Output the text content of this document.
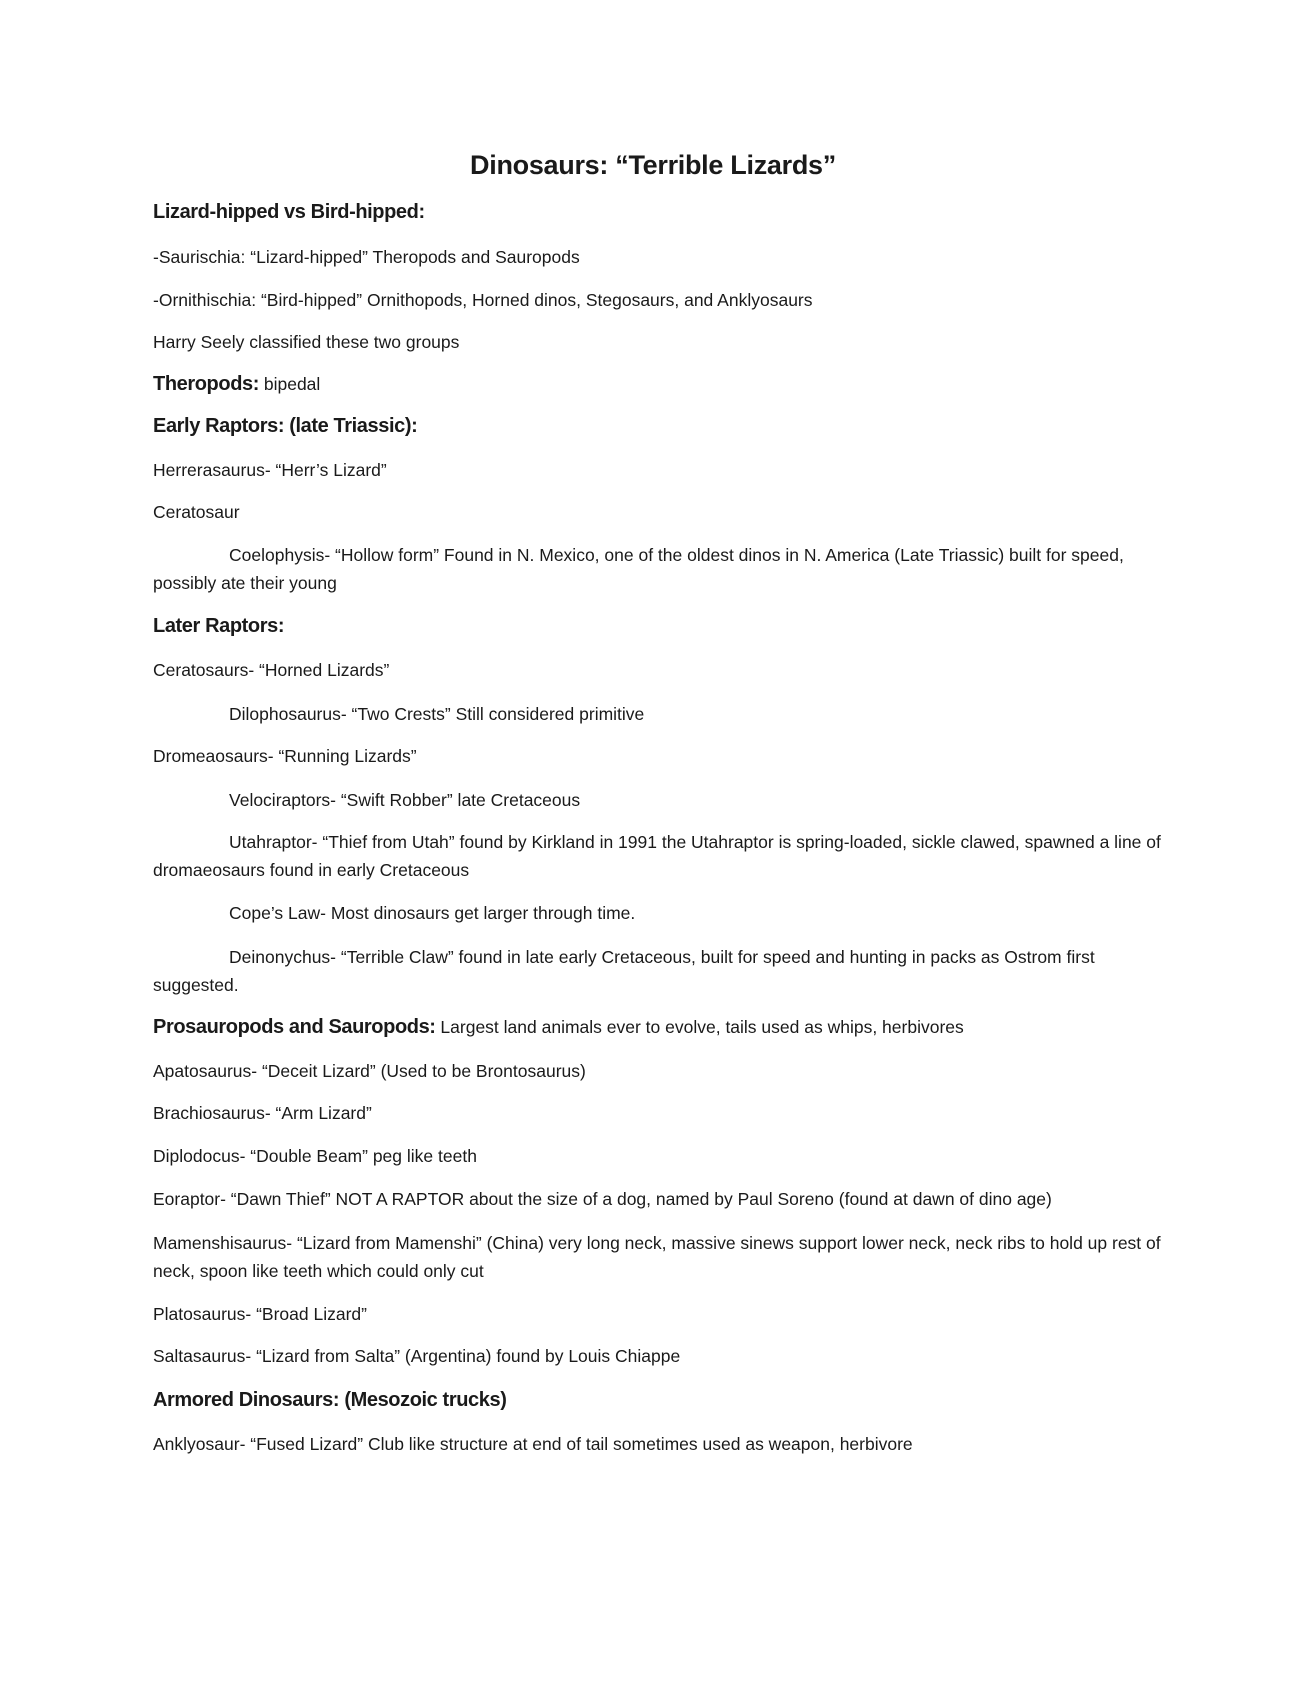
Dinosaurs: “Terrible Lizards”
Lizard-hipped vs Bird-hipped:
-Saurischia: “Lizard-hipped” Theropods and Sauropods
-Ornithischia: “Bird-hipped” Ornithopods, Horned dinos, Stegosaurs, and Anklyosaurs
Harry Seely classified these two groups
Theropods: bipedal
Early Raptors: (late Triassic):
Herrerasaurus- “Herr’s Lizard”
Ceratosaur
Coelophysis- “Hollow form” Found in N. Mexico, one of the oldest dinos in N. America (Late Triassic) built for speed, possibly ate their young
Later Raptors:
Ceratosaurs- “Horned Lizards”
Dilophosaurus- “Two Crests” Still considered primitive
Dromeaosaurs- “Running Lizards”
Velociraptors- “Swift Robber” late Cretaceous
Utahraptor- “Thief from Utah” found by Kirkland in 1991 the Utahraptor is spring-loaded, sickle clawed, spawned a line of dromaeosaurs found in early Cretaceous
Cope’s Law- Most dinosaurs get larger through time.
Deinonychus- “Terrible Claw” found in late early Cretaceous, built for speed and hunting in packs as Ostrom first suggested.
Prosauropods and Sauropods: Largest land animals ever to evolve, tails used as whips, herbivores
Apatosaurus- “Deceit Lizard” (Used to be Brontosaurus)
Brachiosaurus- “Arm Lizard”
Diplodocus- “Double Beam” peg like teeth
Eoraptor- “Dawn Thief” NOT A RAPTOR about the size of a dog, named by Paul Soreno (found at dawn of dino age)
Mamenshisaurus- “Lizard from Mamenshi” (China) very long neck, massive sinews support lower neck, neck ribs to hold up rest of neck, spoon like teeth which could only cut
Platosaurus- “Broad Lizard”
Saltasaurus- “Lizard from Salta” (Argentina) found by Louis Chiappe
Armored Dinosaurs: (Mesozoic trucks)
Anklyosaur- “Fused Lizard” Club like structure at end of tail sometimes used as weapon, herbivore
